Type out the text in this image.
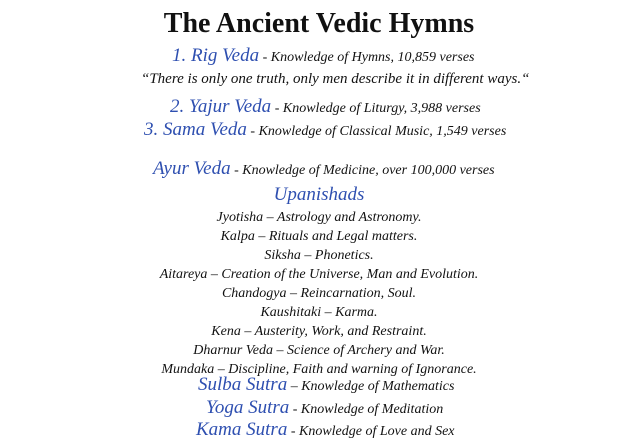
The Ancient Vedic Hymns
1. Rig Veda - Knowledge of Hymns, 10,859 verses
“There is only one truth, only men describe it in different ways.“
2. Yajur Veda - Knowledge of Liturgy, 3,988 verses
3. Sama Veda - Knowledge of Classical Music, 1,549 verses
Ayur Veda - Knowledge of Medicine, over 100,000 verses
Upanishads
Jyotisha – Astrology and Astronomy.
Kalpa – Rituals and Legal matters.
Siksha – Phonetics.
Aitareya – Creation of the Universe, Man and Evolution.
Chandogya – Reincarnation, Soul.
Kaushitaki – Karma.
Kena – Austerity, Work, and Restraint.
Dharnur Veda – Science of Archery and War.
Mundaka – Discipline, Faith and warning of Ignorance.
Sulba Sutra – Knowledge of Mathematics
Yoga Sutra - Knowledge of Meditation
Kama Sutra - Knowledge of Love and Sex
